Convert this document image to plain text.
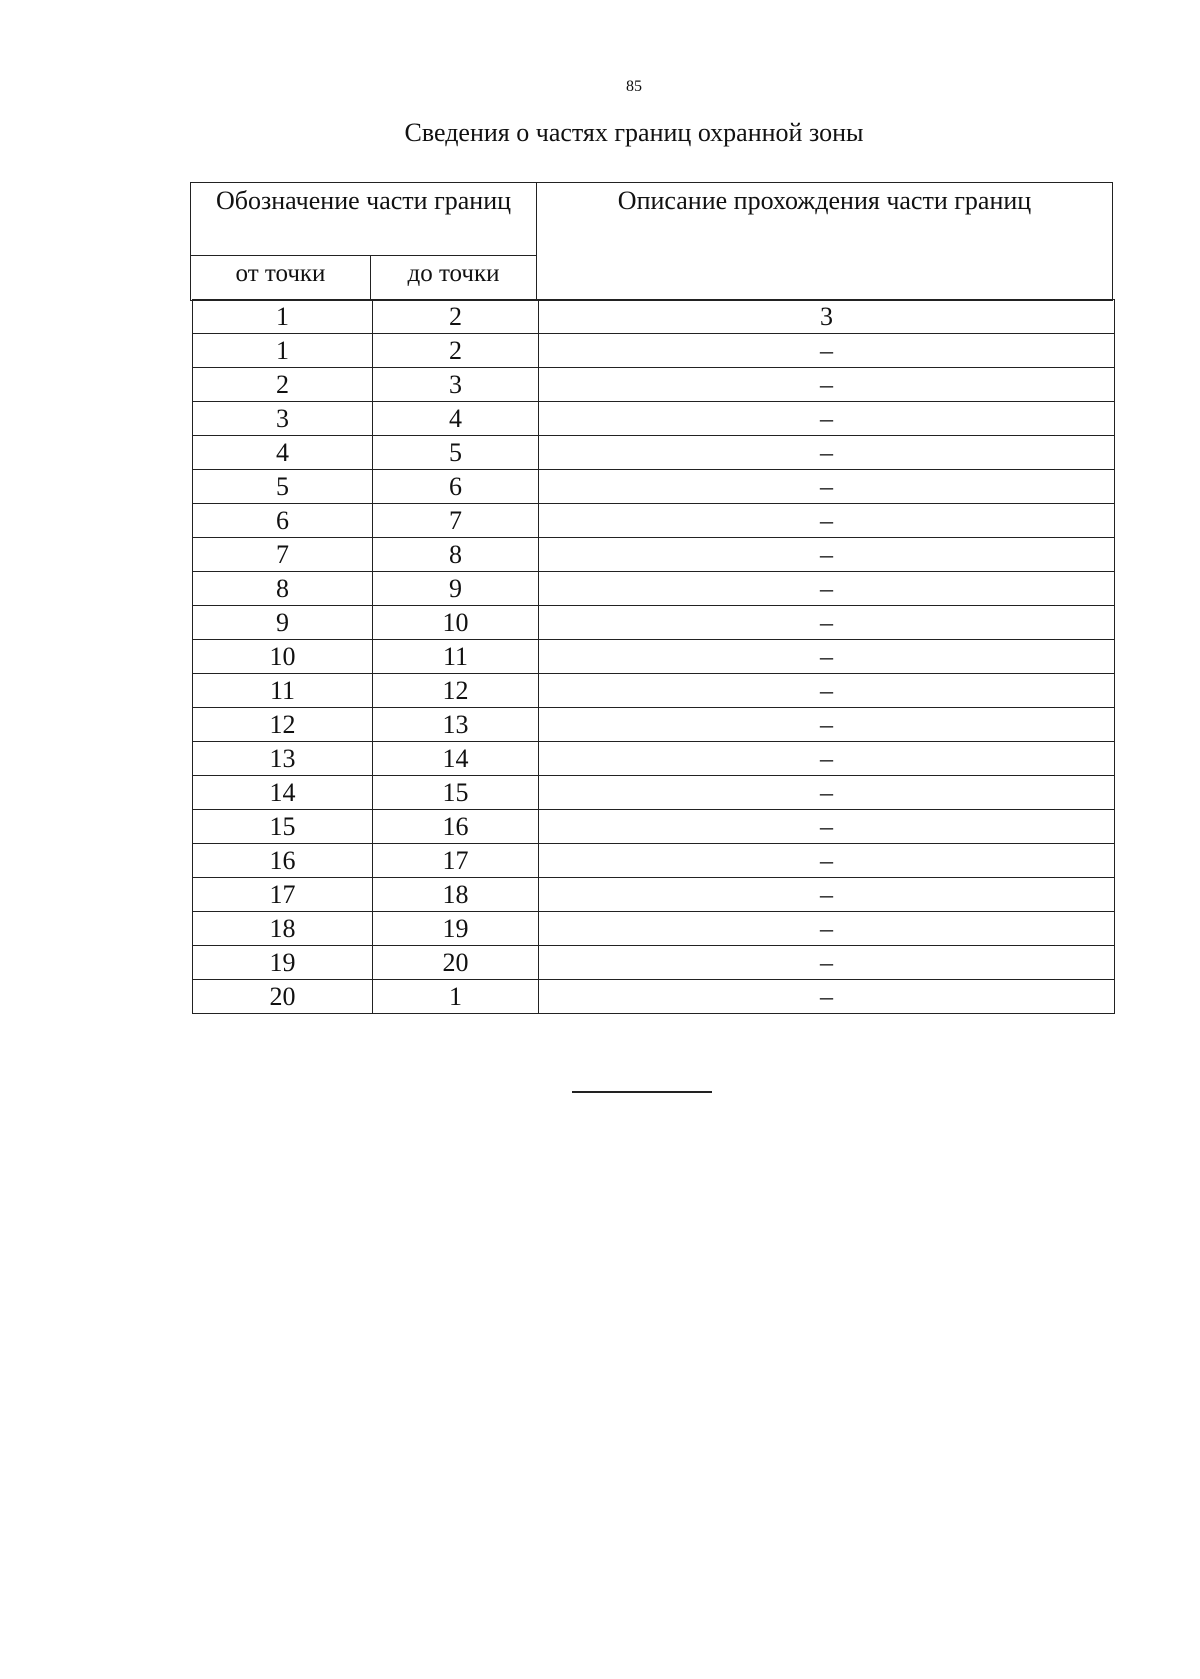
85
Сведения о частях границ охранной зоны
Обозначение части границ		Описание прохождения части границ
от точки	до точки	
1	2	3
1	2	–
2	3	–
3	4	–
4	5	–
5	6	–
6	7	–
7	8	–
8	9	–
9	10	–
10	11	–
11	12	–
12	13	–
13	14	–
14	15	–
15	16	–
16	17	–
17	18	–
18	19	–
19	20	–
20	1	–
